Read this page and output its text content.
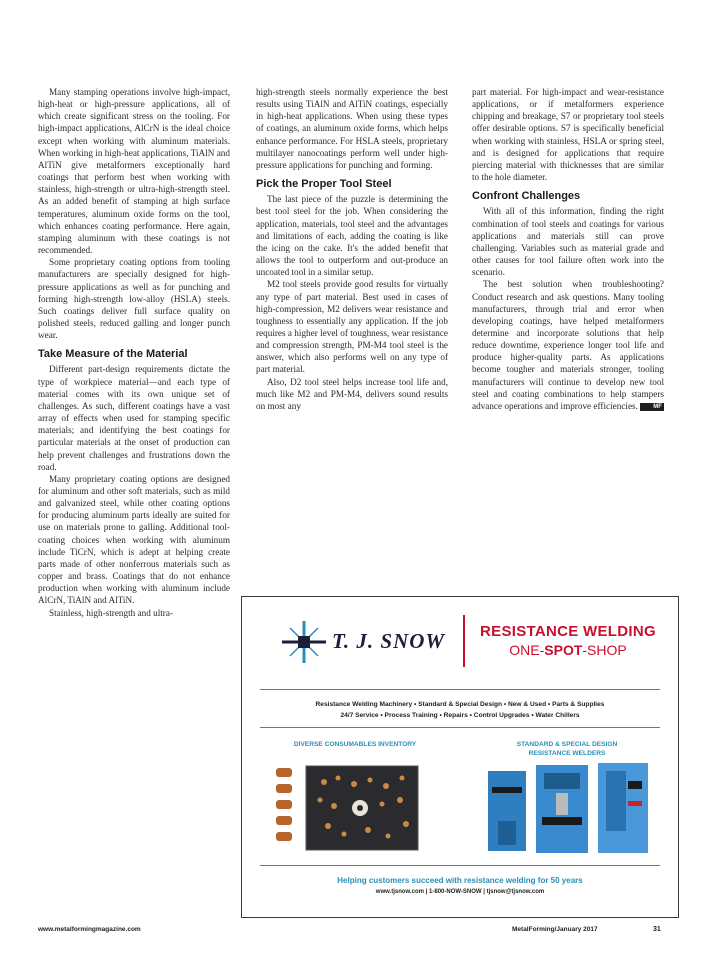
Many stamping operations involve high-impact, high-heat or high-pressure applications, all of which create significant stress on the tooling. For high-impact applications, AlCrN is the ideal choice except when working with aluminum materials. When working in high-heat applications, TiAlN and AlTiN give metalformers exceptionally hard coatings that perform best when working with stainless, high-strength or ultra-high-strength steel. As an added benefit of stamping at high surface temperatures, aluminum oxide forms on the tool, which enhances coating performance. Here again, stamping aluminum with these coatings is not recommended.

Some proprietary coating options from tooling manufacturers are specially designed for high-pressure applications as well as for punching and forming high-strength low-alloy (HSLA) steels. Such coatings deliver full surface quality on polished steels, reduced galling and longer punch wear.

Take Measure of the Material

Different part-design requirements dictate the type of workpiece material—and each type of material comes with its own unique set of challenges. As such, different coatings have a vast array of effects when used for stamping specific materials; and identifying the best coatings for particular materials at the onset of production can help prevent challenges and frustrations down the road.

Many proprietary coating options are designed for aluminum and other soft materials, such as mild and galvanized steel, while other coating options for producing aluminum parts ideally are suited for use on materials prone to galling. Additional tool-coating choices when working with aluminum include TiCrN, which is adept at helping create parts made of other nonferrous materials such as copper and brass. Coatings that do not enhance production when working with aluminum include AlCrN, TiAlN and AlTiN.

Stainless, high-strength and ultra-

high-strength steels normally experience the best results using TiAlN and AlTiN coatings, especially in high-heat applications. When using these types of coatings, an aluminum oxide forms, which helps enhance performance. For HSLA steels, proprietary multilayer nanocoatings perform well under high-pressure applications for punching and forming.

Pick the Proper Tool Steel

The last piece of the puzzle is determining the best tool steel for the job. When considering the application, materials, tool steel and the advantages and limitations of each, adding the coating is like the icing on the cake. It's the added benefit that allows the tool to outperform and out-produce an uncoated tool in a similar setup.

M2 tool steels provide good results for virtually any type of part material. Best used in cases of high-compression, M2 delivers wear resistance and toughness to essentially any application. If the job requires a higher level of toughness, wear resistance and compression strength, PM-M4 tool steel is the answer, which also performs well on any type of part material.

Also, D2 tool steel helps increase tool life and, much like M2 and PM-M4, delivers sound results on most any

part material. For high-impact and wear-resistance applications, or if metalformers experience chipping and breakage, S7 or proprietary tool steels offer desirable options. S7 is specifically beneficial when working with stainless, HSLA or spring steel, and is designed for applications that require piercing material with thicknesses that are similar to the hole diameter.

Confront Challenges

With all of this information, finding the right combination of tool steels and coatings for various applications and materials still can prove challenging. Variables such as material grade and other causes for tool failure often work into the scenario.

The best solution when troubleshooting? Conduct research and ask questions. Many tooling manufacturers, through trial and error when developing coatings, have helped metalformers determine and incorporate solutions that help reduce downtime, experience longer tool life and produce higher-quality parts. As applications become tougher and materials stronger, tooling manufacturers will continue to develop new tool steel and coating combinations to help stampers advance operations and improve efficiencies.	MF

T. J. SNOW	RESISTANCE WELDING
ONE-SPOT-SHOP
Resistance Welding Machinery • Standard & Special Design • New & Used • Parts & Supplies
24/7 Service • Process Training • Repairs • Control Upgrades • Water Chillers
DIVERSE CONSUMABLES INVENTORY	STANDARD & SPECIAL DESIGN
RESISTANCE WELDERS
Helping customers succeed with resistance welding for 50 years
www.tjsnow.com | 1-800-NOW-SNOW | tjsnow@tjsnow.com
www.metalformingmagazine.com	MetalForming/January 2017	31
